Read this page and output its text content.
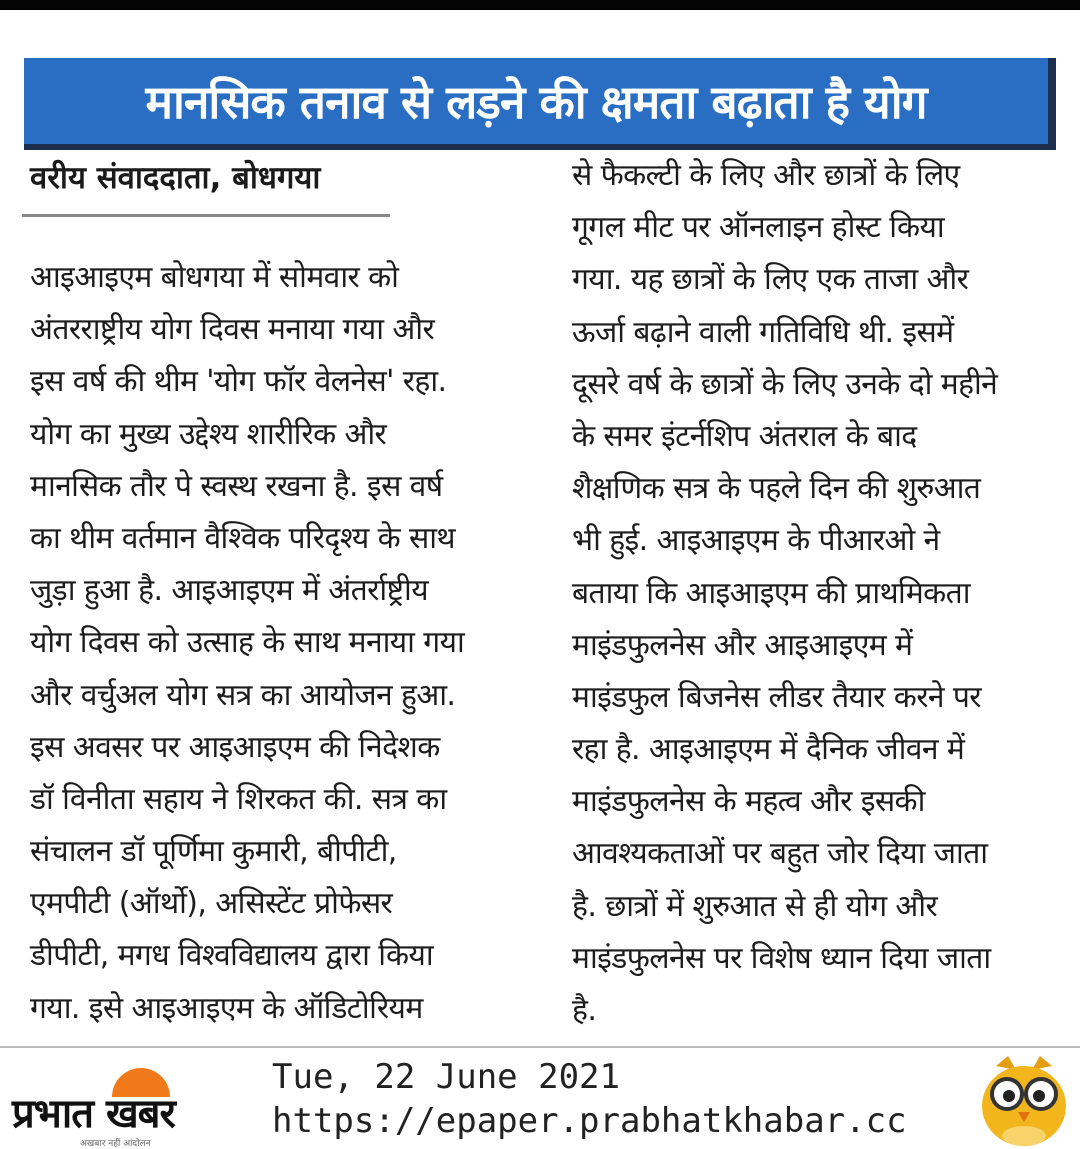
मानसिक तनाव से लड़ने की क्षमता बढ़ाता है योग
वरीय संवाददाता, बोधगया
आइआइएम बोधगया में सोमवार को
अंतरराष्ट्रीय योग दिवस मनाया गया और
इस वर्ष की थीम 'योग फॉर वेलनेस' रहा.
योग का मुख्य उद्देश्य शारीरिक और
मानसिक तौर पे स्वस्थ रखना है. इस वर्ष
का थीम वर्तमान वैश्विक परिदृश्य के साथ
जुड़ा हुआ है. आइआइएम में अंतर्राष्ट्रीय
योग दिवस को उत्साह के साथ मनाया गया
और वर्चुअल योग सत्र का आयोजन हुआ.
इस अवसर पर आइआइएम की निदेशक
डॉ विनीता सहाय ने शिरकत की. सत्र का
संचालन डॉ पूर्णिमा कुमारी, बीपीटी,
एमपीटी (ऑर्थो), असिस्टेंट प्रोफेसर
डीपीटी, मगध विश्वविद्यालय द्वारा किया
गया. इसे आइआइएम के ऑडिटोरियम
से फैकल्टी के लिए और छात्रों के लिए
गूगल मीट पर ऑनलाइन होस्ट किया
गया. यह छात्रों के लिए एक ताजा और
ऊर्जा बढ़ाने वाली गतिविधि थी. इसमें
दूसरे वर्ष के छात्रों के लिए उनके दो महीने
के समर इंटर्नशिप अंतराल के बाद
शैक्षणिक सत्र के पहले दिन की शुरुआत
भी हुई. आइआइएम के पीआरओ ने
बताया कि आइआइएम की प्राथमिकता
माइंडफुलनेस और आइआइएम में
माइंडफुल बिजनेस लीडर तैयार करने पर
रहा है. आइआइएम में दैनिक जीवन में
माइंडफुलनेस के महत्व और इसकी
आवश्यकताओं पर बहुत जोर दिया जाता
है. छात्रों में शुरुआत से ही योग और
माइंडफुलनेस पर विशेष ध्यान दिया जाता
है.
प्रभात खबर
अखबार नहीं आंदोलन
Tue, 22 June 2021
https://epaper.prabhatkhabar.cc
